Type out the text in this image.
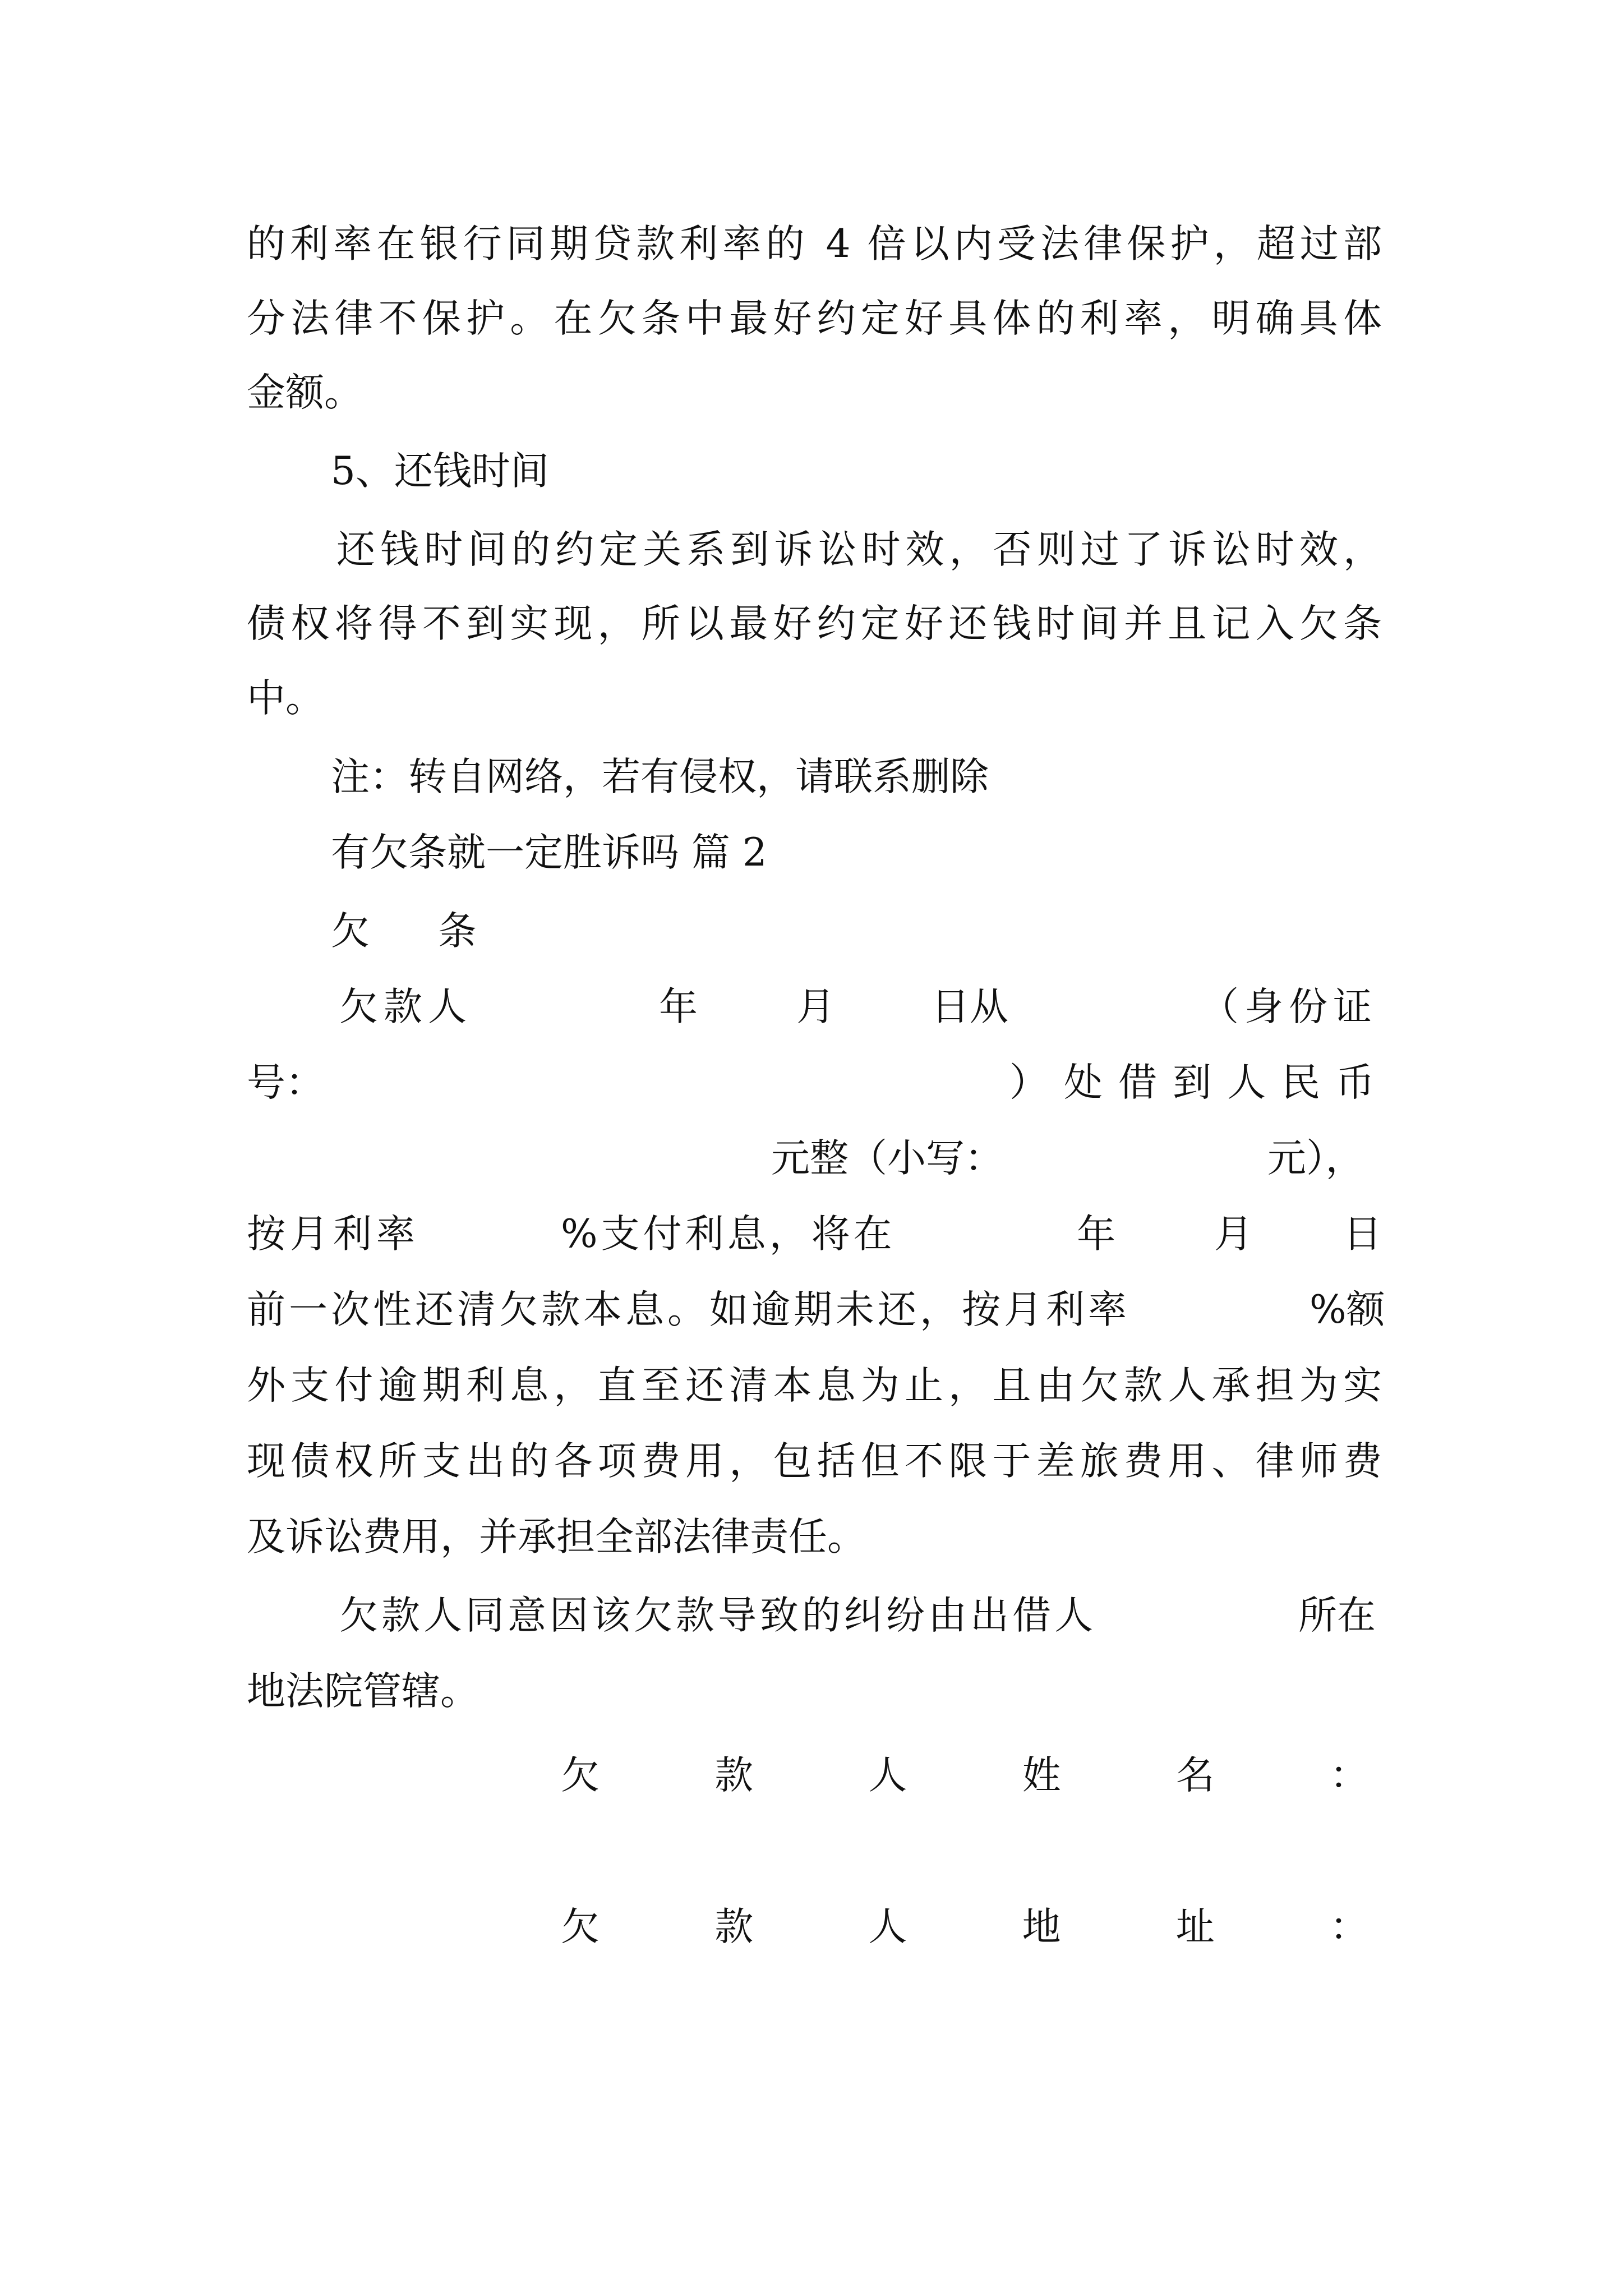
的利率在银行同期贷款利率的 4 倍以内受法律保护，超过部
分法律不保护。在欠条中最好约定好具体的利率，明确具体
金额。
5、还钱时间
还钱时间的约定关系到诉讼时效，否则过了诉讼时效，
债权将得不到实现，所以最好约定好还钱时间并且记入欠条
中。
注：转自网络，若有侵权，请联系删除
有欠条就一定胜诉吗 篇 2
欠 条
欠款人	年	月 日从	（身份证
号：	）处借到人民币
元整（小写：	元），
按月利率	%支付利息，将在	年	月 日
前一次性还清欠款本息。如逾期未还，按月利率	%额
外支付逾期利息，直至还清本息为止，且由欠款人承担为实
现债权所支出的各项费用，包括但不限于差旅费用、律师费
及诉讼费用，并承担全部法律责任。
欠款人同意因该欠款导致的纠纷由出借人	所在
地法院管辖。
欠款人姓名：
欠款人地址：
